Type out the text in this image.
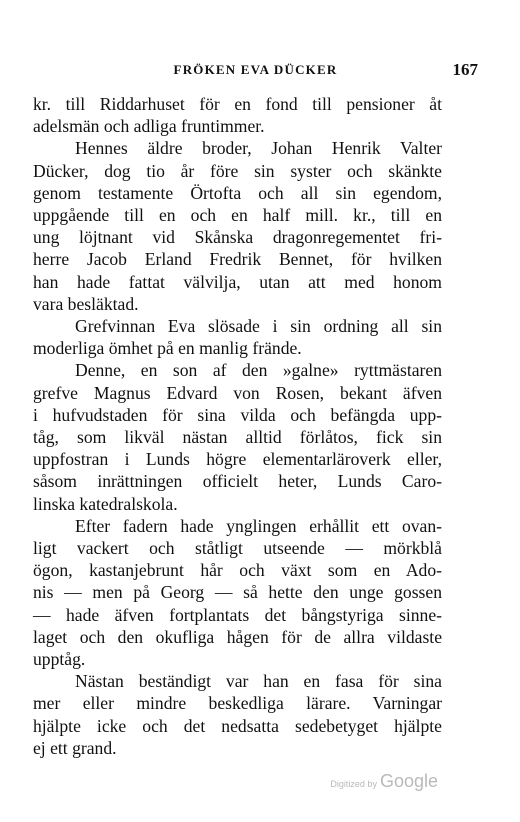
FRÖKEN EVA DÜCKER	167
kr. till Riddarhuset för en fond till pensioner åt
adelsmän och adliga fruntimmer.
Hennes äldre broder, Johan Henrik Valter
Dücker, dog tio år före sin syster och skänkte
genom testamente Örtofta och all sin egendom,
uppgående till en och en half mill. kr., till en
ung löjtnant vid Skånska dragonregementet fri-
herre Jacob Erland Fredrik Bennet, för hvilken
han hade fattat välvilja, utan att med honom
vara besläktad.
Grefvinnan Eva slösade i sin ordning all sin
moderliga ömhet på en manlig frände.
Denne, en son af den »galne» ryttmästaren
grefve Magnus Edvard von Rosen, bekant äfven
i hufvudstaden för sina vilda och befängda upp-
tåg, som likväl nästan alltid förlåtos, fick sin
uppfostran i Lunds högre elementarläroverk eller,
såsom inrättningen officielt heter, Lunds Caro-
linska katedralskola.
Efter fadern hade ynglingen erhållit ett ovan-
ligt vackert och ståtligt utseende — mörkblå
ögon, kastanjebrunt hår och växt som en Ado-
nis — men på Georg — så hette den unge gossen
— hade äfven fortplantats det bångstyriga sinne-
laget och den okufliga hågen för de allra vildaste
upptåg.
Nästan beständigt var han en fasa för sina
mer eller mindre beskedliga lärare. Varningar
hjälpte icke och det nedsatta sedebetyget hjälpte
ej ett grand.
Digitized by Google
